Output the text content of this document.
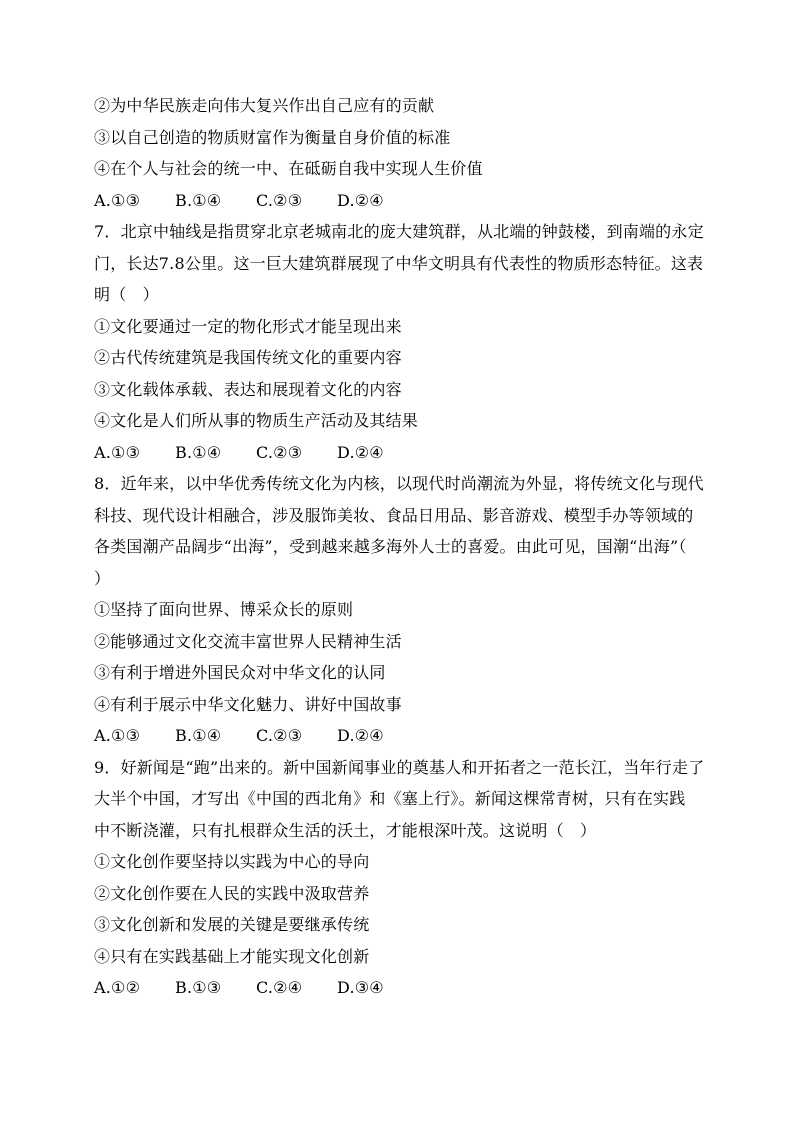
②为中华民族走向伟大复兴作出自己应有的贡献
③以自己创造的物质财富作为衡量自身价值的标准
④在个人与社会的统一中、在砥砺自我中实现人生价值
A.①③	B.①④	C.②③	D.②④
7．北京中轴线是指贯穿北京老城南北的庞大建筑群，从北端的钟鼓楼，到南端的永定
门，长达7.8公里。这一巨大建筑群展现了中华文明具有代表性的物质形态特征。这表
明（　）
①文化要通过一定的物化形式才能呈现出来
②古代传统建筑是我国传统文化的重要内容
③文化载体承载、表达和展现着文化的内容
④文化是人们所从事的物质生产活动及其结果
A.①③	B.①④	C.②③	D.②④
8．近年来，以中华优秀传统文化为内核，以现代时尚潮流为外显，将传统文化与现代
科技、现代设计相融合，涉及服饰美妆、食品日用品、影音游戏、模型手办等领域的
各类国潮产品阔步“出海”，受到越来越多海外人士的喜爱。由此可见，国潮“出海”（
）
①坚持了面向世界、博采众长的原则
②能够通过文化交流丰富世界人民精神生活
③有利于增进外国民众对中华文化的认同
④有利于展示中华文化魅力、讲好中国故事
A.①③	B.①④	C.②③	D.②④
9．好新闻是“跑”出来的。新中国新闻事业的奠基人和开拓者之一范长江，当年行走了
大半个中国，才写出《中国的西北角》和《塞上行》。新闻这棵常青树，只有在实践
中不断浇灌，只有扎根群众生活的沃土，才能根深叶茂。这说明（　）
①文化创作要坚持以实践为中心的导向
②文化创作要在人民的实践中汲取营养
③文化创新和发展的关键是要继承传统
④只有在实践基础上才能实现文化创新
A.①②	B.①③	C.②④	D.③④
